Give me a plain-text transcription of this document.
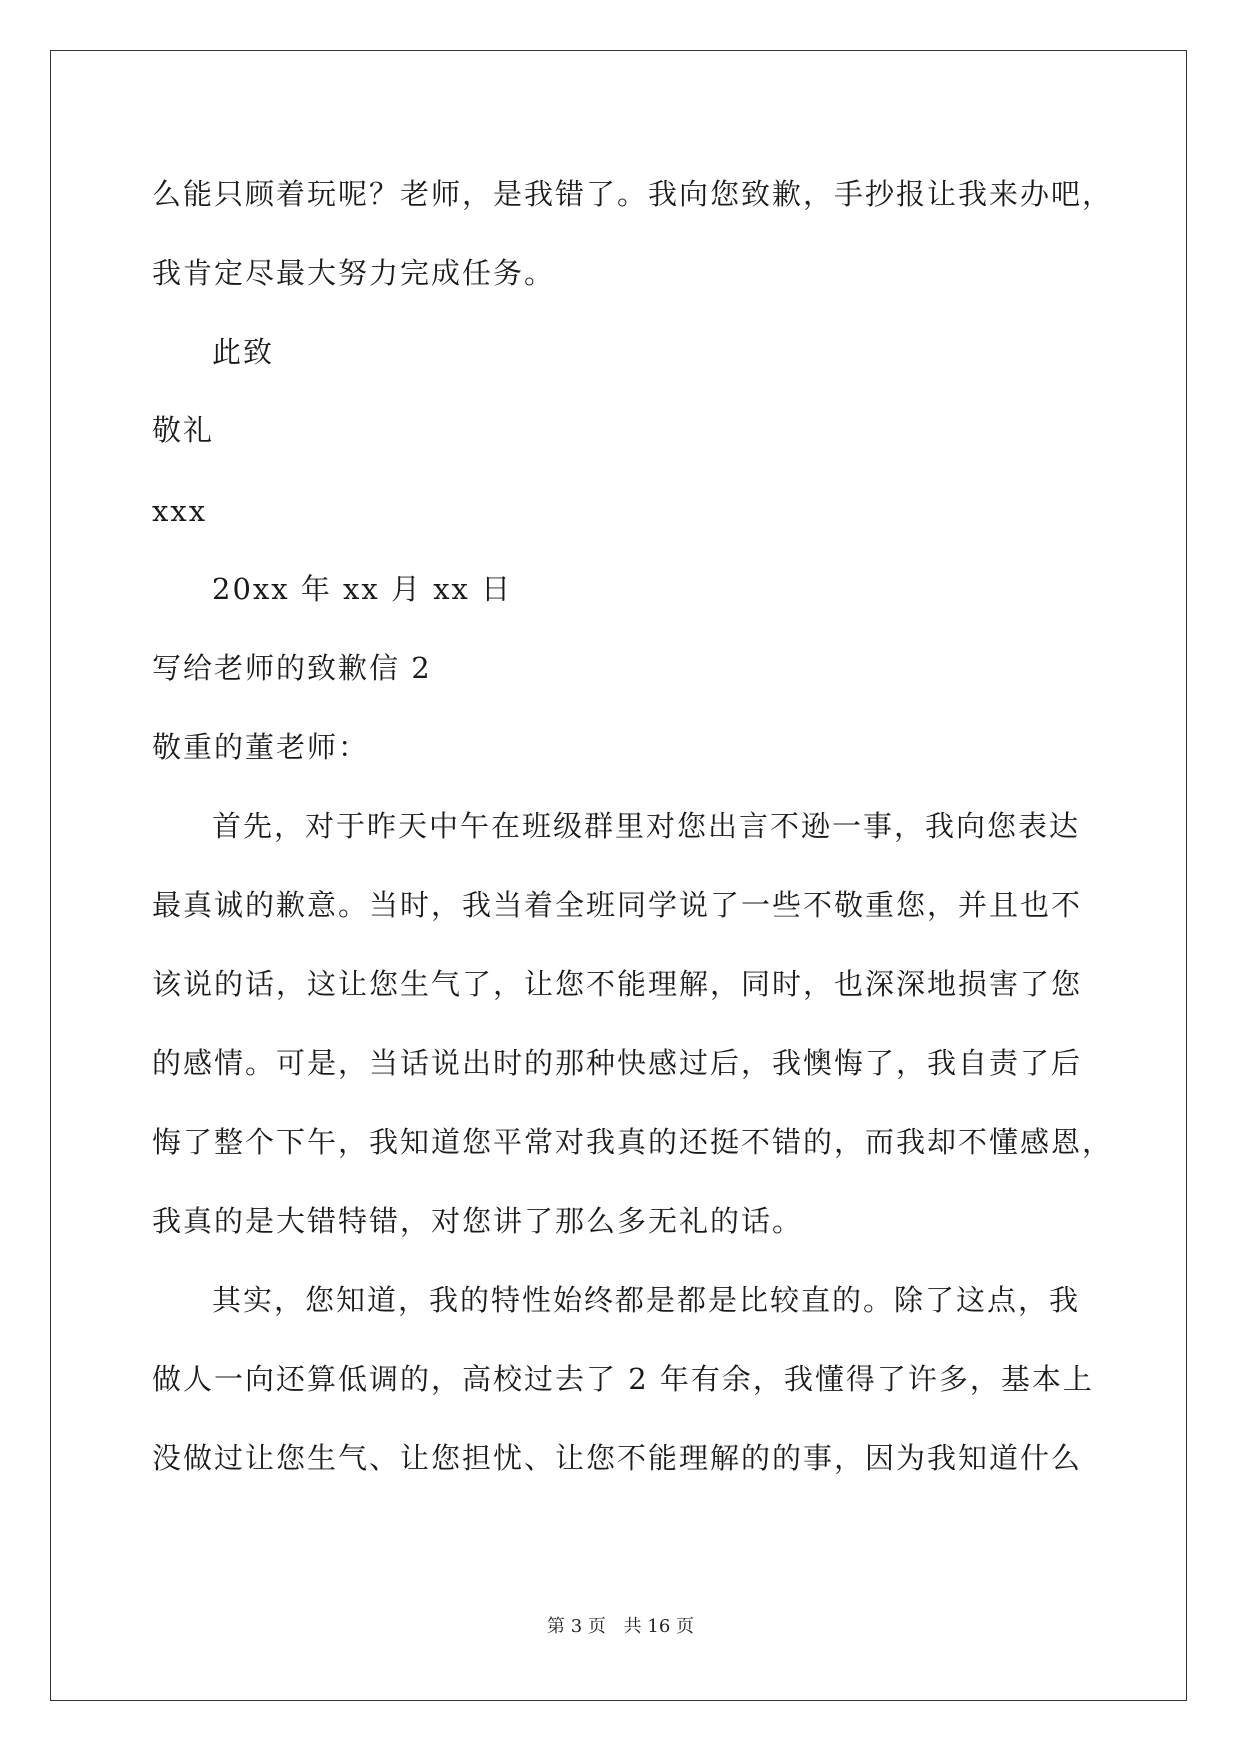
么能只顾着玩呢？老师，是我错了。我向您致歉，手抄报让我来办吧，
我肯定尽最大努力完成任务。
此致
敬礼
xxx
20xx 年 xx 月 xx 日
写给老师的致歉信 2
敬重的董老师：
首先，对于昨天中午在班级群里对您出言不逊一事，我向您表达
最真诚的歉意。当时，我当着全班同学说了一些不敬重您，并且也不
该说的话，这让您生气了，让您不能理解，同时，也深深地损害了您
的感情。可是，当话说出时的那种快感过后，我懊悔了，我自责了后
悔了整个下午，我知道您平常对我真的还挺不错的，而我却不懂感恩，
我真的是大错特错，对您讲了那么多无礼的话。
其实，您知道，我的特性始终都是都是比较直的。除了这点，我
做人一向还算低调的，高校过去了 2 年有余，我懂得了许多，基本上
没做过让您生气、让您担忧、让您不能理解的的事，因为我知道什么
第 3 页 共 16 页
